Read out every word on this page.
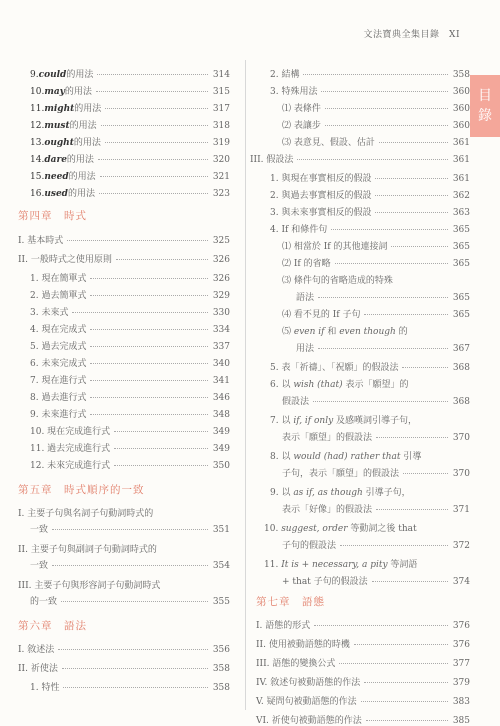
文法寶典全集目錄　XI
目
錄
9. could 的用法	314
10. may 的用法	315
11. might 的用法	317
12. must 的用法	318
13. ought 的用法	319
14. dare 的用法	320
15. need 的用法	321
16. used 的用法	323
第四章　時式
I. 基本時式	325
II. 一般時式之使用原則	326
1. 現在簡單式	326
2. 過去簡單式	329
3. 未來式	330
4. 現在完成式	334
5. 過去完成式	337
6. 未來完成式	340
7. 現在進行式	341
8. 過去進行式	346
9. 未來進行式	348
10. 現在完成進行式	349
11. 過去完成進行式	349
12. 未來完成進行式	350
第五章　時式順序的一致
I. 主要子句與名詞子句動詞時式的
一致	351
II. 主要子句與副詞子句動詞時式的
一致	354
III. 主要子句與形容詞子句動詞時式
的一致	355
第六章　語法
I. 敘述法	356
II. 祈使法	358
1. 特性	358
2. 結構	358
3. 特殊用法	360
⑴ 表條件	360
⑵ 表讓步	360
⑶ 表意見、假設、估計	361
III. 假設法	361
1. 與現在事實相反的假設	361
2. 與過去事實相反的假設	362
3. 與未來事實相反的假設	363
4. If 和條件句	365
⑴ 相當於 If 的其他連接詞	365
⑵ If 的省略	365
⑶ 條件句的省略造成的特殊
語法	365
⑷ 看不見的 If 子句	365
⑸ even if 和 even though 的
用法	367
5. 表「祈禱」、「祝願」的假設法	368
6. 以 wish (that) 表示「願望」的
假設法	368
7. 以 if, if only 及感嘆詞引導子句，
表示「願望」的假設法	370
8. 以 would (had) rather that 引導
子句，表示「願望」的假設法	370
9. 以 as if, as though 引導子句，
表示「好像」的假設法	371
10. suggest, order 等動詞之後 that
子句的假設法	372
11. It is + necessary, a pity 等詞語
+ that 子句的假設法	374
第七章　語態
I. 語態的形式	376
II. 使用被動語態的時機	376
III. 語態的變換公式	377
IV. 敘述句被動語態的作法	379
V. 疑問句被動語態的作法	383
VI. 祈使句被動語態的作法	385
